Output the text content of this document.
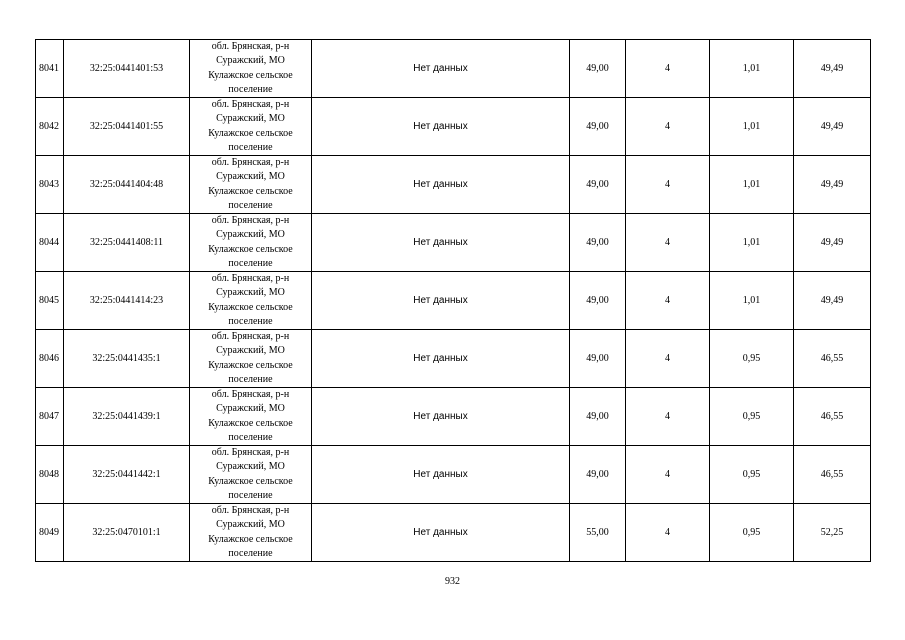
8041	32:25:0441401:53	обл. Брянская, р-н
Суражский, МО
Кулажское сельское
поселение	Нет данных	49,00	4	1,01	49,49
8042	32:25:0441401:55	обл. Брянская, р-н
Суражский, МО
Кулажское сельское
поселение	Нет данных	49,00	4	1,01	49,49
8043	32:25:0441404:48	обл. Брянская, р-н
Суражский, МО
Кулажское сельское
поселение	Нет данных	49,00	4	1,01	49,49
8044	32:25:0441408:11	обл. Брянская, р-н
Суражский, МО
Кулажское сельское
поселение	Нет данных	49,00	4	1,01	49,49
8045	32:25:0441414:23	обл. Брянская, р-н
Суражский, МО
Кулажское сельское
поселение	Нет данных	49,00	4	1,01	49,49
8046	32:25:0441435:1	обл. Брянская, р-н
Суражский, МО
Кулажское сельское
поселение	Нет данных	49,00	4	0,95	46,55
8047	32:25:0441439:1	обл. Брянская, р-н
Суражский, МО
Кулажское сельское
поселение	Нет данных	49,00	4	0,95	46,55
8048	32:25:0441442:1	обл. Брянская, р-н
Суражский, МО
Кулажское сельское
поселение	Нет данных	49,00	4	0,95	46,55
8049	32:25:0470101:1	обл. Брянская, р-н
Суражский, МО
Кулажское сельское
поселение	Нет данных	55,00	4	0,95	52,25
932
